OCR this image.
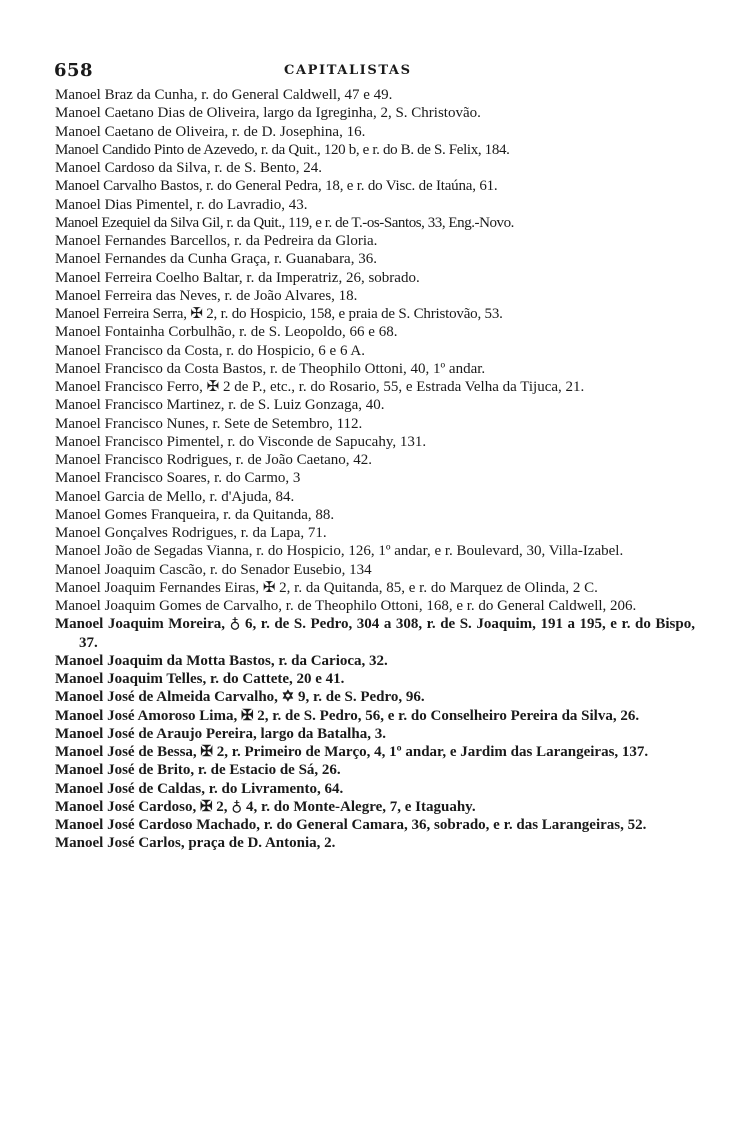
658	CAPITALISTAS
Manoel Braz da Cunha, r. do General Caldwell, 47 e 49.
Manoel Caetano Dias de Oliveira, largo da Igreginha, 2, S. Christovão.
Manoel Caetano de Oliveira, r. de D. Josephina, 16.
Manoel Candido Pinto de Azevedo, r. da Quit., 120 b, e r. do B. de S. Felix, 184.
Manoel Cardoso da Silva, r. de S. Bento, 24.
Manoel Carvalho Bastos, r. do General Pedra, 18, e r. do Visc. de Itaúna, 61.
Manoel Dias Pimentel, r. do Lavradio, 43.
Manoel Ezequiel da Silva Gil, r. da Quit., 119, e r. de T.-os-Santos, 33, Eng.-Novo.
Manoel Fernandes Barcellos, r. da Pedreira da Gloria.
Manoel Fernandes da Cunha Graça, r. Guanabara, 36.
Manoel Ferreira Coelho Baltar, r. da Imperatriz, 26, sobrado.
Manoel Ferreira das Neves, r. de João Alvares, 18.
Manoel Ferreira Serra, ✠ 2, r. do Hospicio, 158, e praia de S. Christovão, 53.
Manoel Fontainha Corbulhão, r. de S. Leopoldo, 66 e 68.
Manoel Francisco da Costa, r. do Hospicio, 6 e 6 A.
Manoel Francisco da Costa Bastos, r. de Theophilo Ottoni, 40, 1º andar.
Manoel Francisco Ferro, ✠ 2 de P., etc., r. do Rosario, 55, e Estrada Velha da Tijuca, 21.
Manoel Francisco Martinez, r. de S. Luiz Gonzaga, 40.
Manoel Francisco Nunes, r. Sete de Setembro, 112.
Manoel Francisco Pimentel, r. do Visconde de Sapucahy, 131.
Manoel Francisco Rodrigues, r. de João Caetano, 42.
Manoel Francisco Soares, r. do Carmo, 3
Manoel Garcia de Mello, r. d'Ajuda, 84.
Manoel Gomes Franqueira, r. da Quitanda, 88.
Manoel Gonçalves Rodrigues, r. da Lapa, 71.
Manoel João de Segadas Vianna, r. do Hospicio, 126, 1º andar, e r. Boulevard, 30, Villa-Izabel.
Manoel Joaquim Cascão, r. do Senador Eusebio, 134
Manoel Joaquim Fernandes Eiras, ✠ 2, r. da Quitanda, 85, e r. do Marquez de Olinda, 2 C.
Manoel Joaquim Gomes de Carvalho, r. de Theophilo Ottoni, 168, e r. do General Caldwell, 206.
Manoel Joaquim Moreira, ♁ 6, r. de S. Pedro, 304 a 308, r. de S. Joaquim, 191 a 195, e r. do Bispo, 37.
Manoel Joaquim da Motta Bastos, r. da Carioca, 32.
Manoel Joaquim Telles, r. do Cattete, 20 e 41.
Manoel José de Almeida Carvalho, ✡ 9, r. de S. Pedro, 96.
Manoel José Amoroso Lima, ✠ 2, r. de S. Pedro, 56, e r. do Conselheiro Pereira da Silva, 26.
Manoel José de Araujo Pereira, largo da Batalha, 3.
Manoel José de Bessa, ✠ 2, r. Primeiro de Março, 4, 1º andar, e Jardim das Larangeiras, 137.
Manoel José de Brito, r. de Estacio de Sá, 26.
Manoel José de Caldas, r. do Livramento, 64.
Manoel José Cardoso, ✠ 2, ♁ 4, r. do Monte-Alegre, 7, e Itaguahy.
Manoel José Cardoso Machado, r. do General Camara, 36, sobrado, e r. das Larangeiras, 52.
Manoel José Carlos, praça de D. Antonia, 2.
